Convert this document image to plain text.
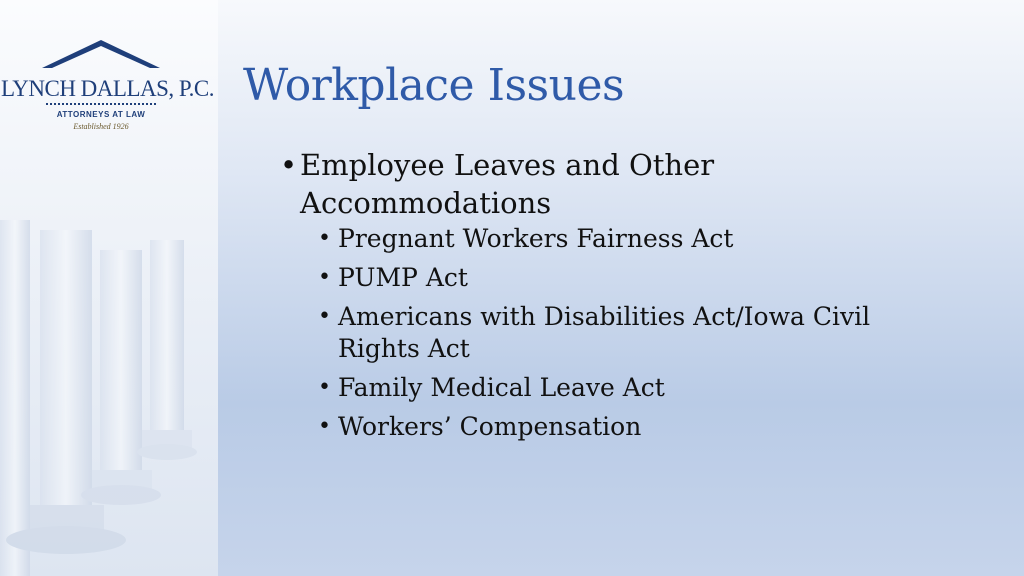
LYNCH DALLAS, P.C.
ATTORNEYS AT LAW
Established 1926
Workplace Issues
• Employee Leaves and Other Accommodations
• Pregnant Workers Fairness Act
• PUMP Act
• Americans with Disabilities Act/Iowa Civil Rights Act
• Family Medical Leave Act
• Workers’ Compensation
